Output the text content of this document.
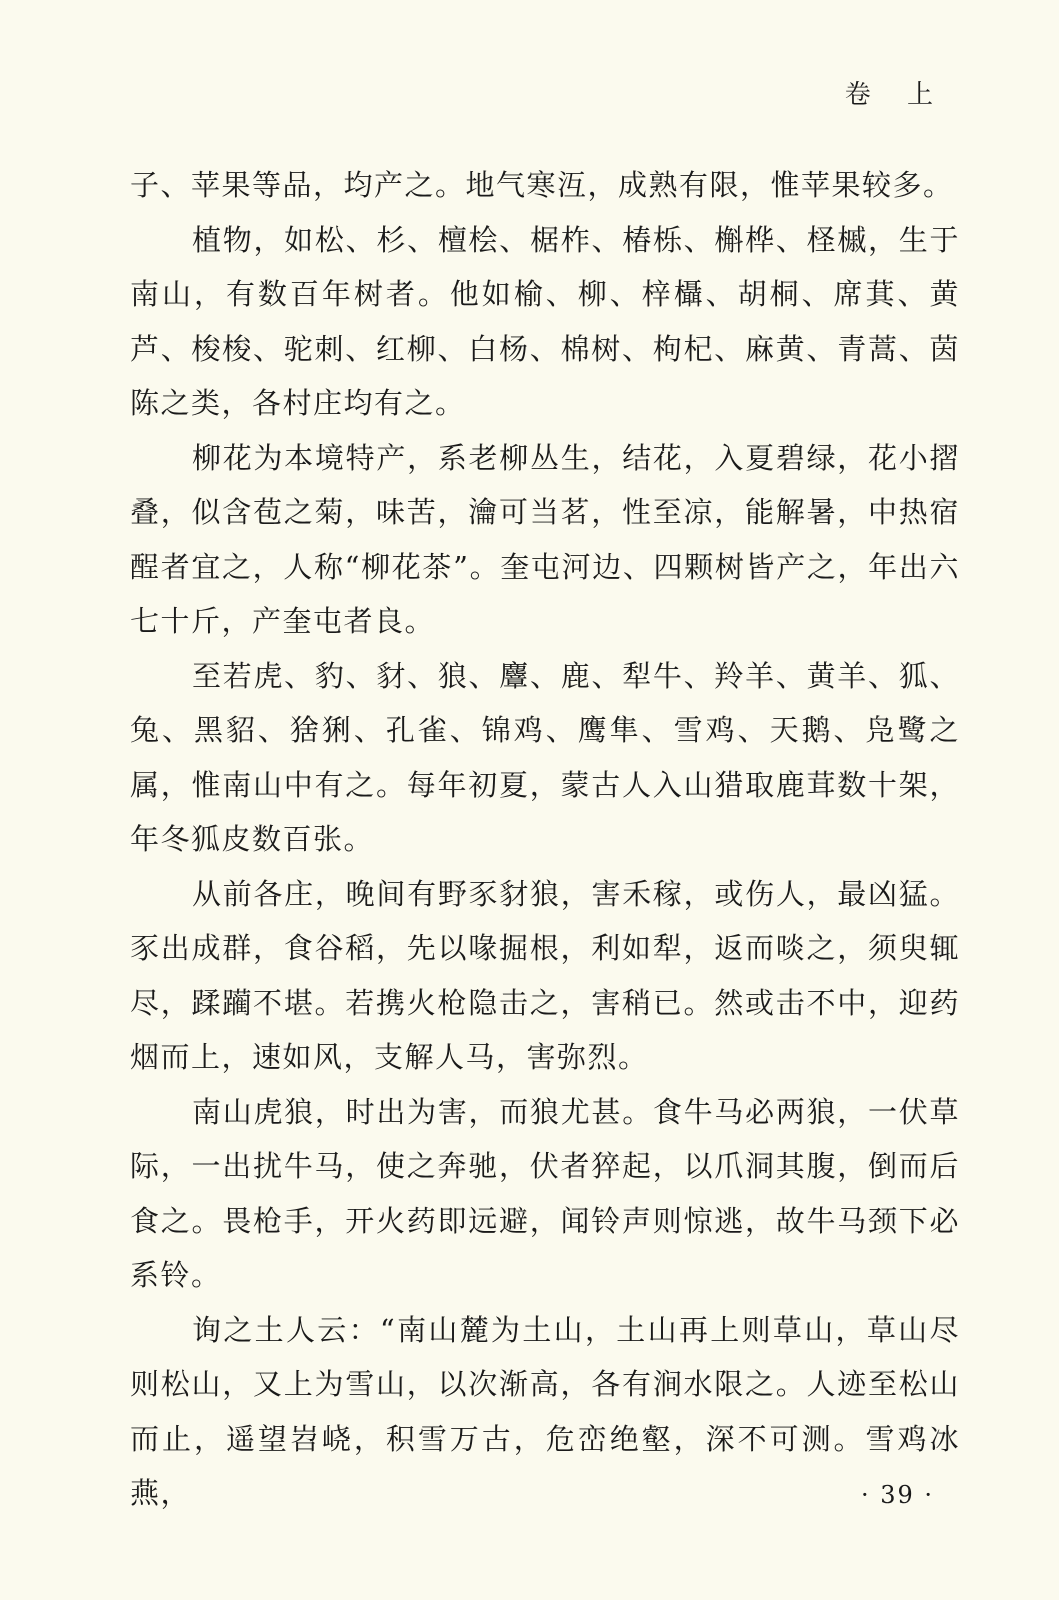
卷 上

子、苹果等品，均产之。地气寒沍，成熟有限，惟苹果较多。

植物，如松、杉、檀桧、椐柞、椿栎、槲桦、柽槭，生于南山，有数百年树者。他如榆、柳、梓欇、胡桐、席萁、黄芦、梭梭、驼刺、红柳、白杨、棉树、枸杞、麻黄、青蒿、茵陈之类，各村庄均有之。

柳花为本境特产，系老柳丛生，结花，入夏碧绿，花小摺叠，似含苞之菊，味苦，瀹可当茗，性至凉，能解暑，中热宿酲者宜之，人称“柳花茶”。奎屯河边、四颗树皆产之，年出六七十斤，产奎屯者良。

至若虎、豹、豺、狼、麞、鹿、犁牛、羚羊、黄羊、狐、兔、黑貂、猞猁、孔雀、锦鸡、鹰隼、雪鸡、天鹅、凫鹭之属，惟南山中有之。每年初夏，蒙古人入山猎取鹿茸数十架，年冬狐皮数百张。

从前各庄，晚间有野豕豺狼，害禾稼，或伤人，最凶猛。豕出成群，食谷稻，先以喙掘根，利如犁，返而啖之，须臾辄尽，蹂躏不堪。若携火枪隐击之，害稍已。然或击不中，迎药烟而上，速如风，支解人马，害弥烈。

南山虎狼，时出为害，而狼尤甚。食牛马必两狼，一伏草际，一出扰牛马，使之奔驰，伏者猝起，以爪洞其腹，倒而后食之。畏枪手，开火药即远避，闻铃声则惊逃，故牛马颈下必系铃。

询之土人云：“南山麓为土山，土山再上则草山，草山尽则松山，又上为雪山，以次渐高，各有涧水限之。人迹至松山而止，遥望岧峣，积雪万古，危峦绝壑，深不可测。雪鸡冰燕，	· 39 ·
